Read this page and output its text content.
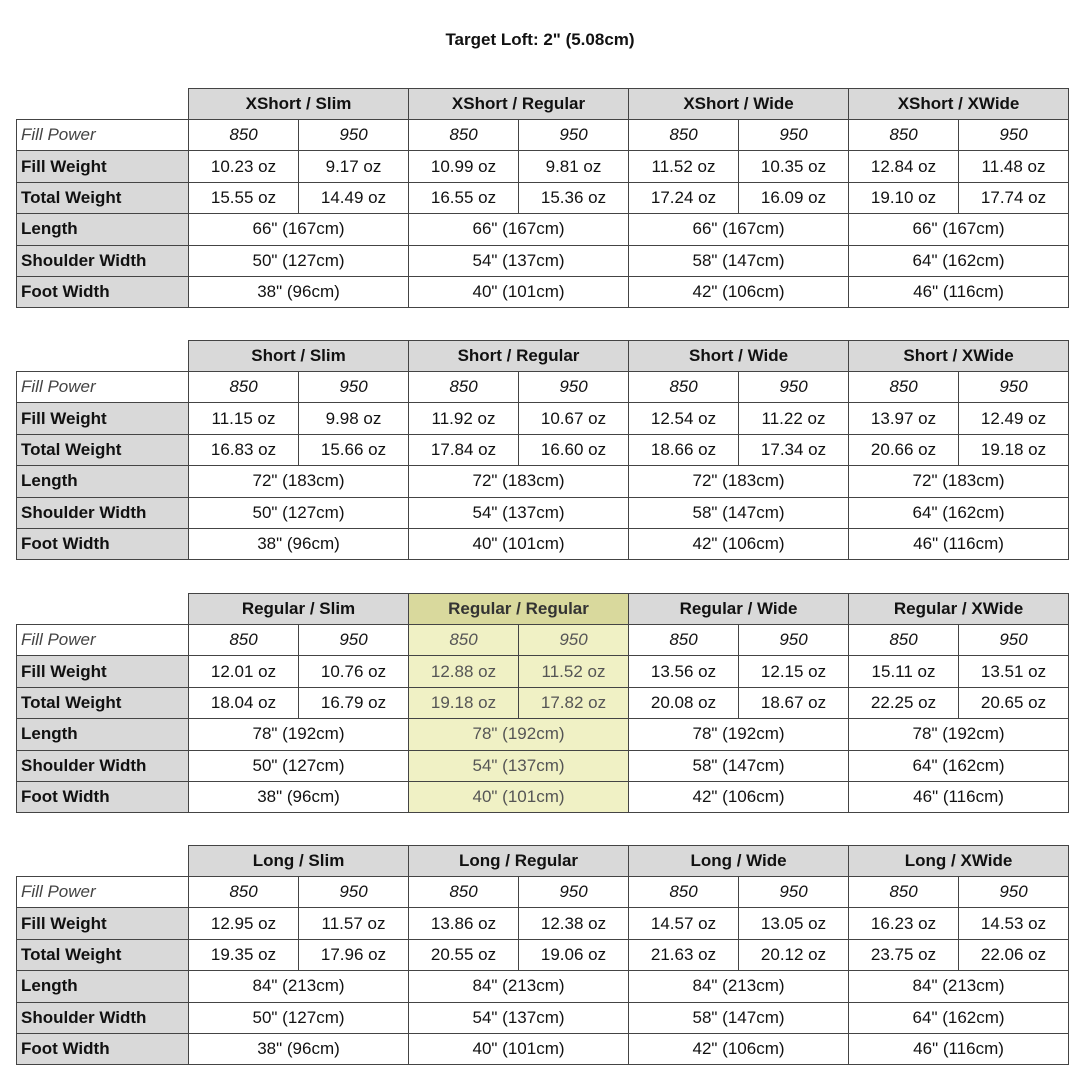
Target Loft: 2" (5.08cm)
	XShort / Slim		XShort / Regular		XShort / Wide		XShort / XWide	
Fill Power	850	950	850	950	850	950	850	950
Fill Weight	10.23 oz	9.17 oz	10.99 oz	9.81 oz	11.52 oz	10.35 oz	12.84 oz	11.48 oz
Total Weight	15.55 oz	14.49 oz	16.55 oz	15.36 oz	17.24 oz	16.09 oz	19.10 oz	17.74 oz
Length	66" (167cm)		66" (167cm)		66" (167cm)		66" (167cm)	
Shoulder Width	50" (127cm)		54" (137cm)		58" (147cm)		64" (162cm)	
Foot Width	38" (96cm)		40" (101cm)		42" (106cm)		46" (116cm)	
	Short / Slim		Short / Regular		Short / Wide		Short / XWide	
Fill Power	850	950	850	950	850	950	850	950
Fill Weight	11.15 oz	9.98 oz	11.92 oz	10.67 oz	12.54 oz	11.22 oz	13.97 oz	12.49 oz
Total Weight	16.83 oz	15.66 oz	17.84 oz	16.60 oz	18.66 oz	17.34 oz	20.66 oz	19.18 oz
Length	72" (183cm)		72" (183cm)		72" (183cm)		72" (183cm)	
Shoulder Width	50" (127cm)		54" (137cm)		58" (147cm)		64" (162cm)	
Foot Width	38" (96cm)		40" (101cm)		42" (106cm)		46" (116cm)	
	Regular / Slim		Regular / Regular		Regular / Wide		Regular / XWide	
Fill Power	850	950	850	950	850	950	850	950
Fill Weight	12.01 oz	10.76 oz	12.88 oz	11.52 oz	13.56 oz	12.15 oz	15.11 oz	13.51 oz
Total Weight	18.04 oz	16.79 oz	19.18 oz	17.82 oz	20.08 oz	18.67 oz	22.25 oz	20.65 oz
Length	78" (192cm)		78" (192cm)		78" (192cm)		78" (192cm)	
Shoulder Width	50" (127cm)		54" (137cm)		58" (147cm)		64" (162cm)	
Foot Width	38" (96cm)		40" (101cm)		42" (106cm)		46" (116cm)	
	Long / Slim		Long / Regular		Long / Wide		Long / XWide	
Fill Power	850	950	850	950	850	950	850	950
Fill Weight	12.95 oz	11.57 oz	13.86 oz	12.38 oz	14.57 oz	13.05 oz	16.23 oz	14.53 oz
Total Weight	19.35 oz	17.96 oz	20.55 oz	19.06 oz	21.63 oz	20.12 oz	23.75 oz	22.06 oz
Length	84" (213cm)		84" (213cm)		84" (213cm)		84" (213cm)	
Shoulder Width	50" (127cm)		54" (137cm)		58" (147cm)		64" (162cm)	
Foot Width	38" (96cm)		40" (101cm)		42" (106cm)		46" (116cm)	
